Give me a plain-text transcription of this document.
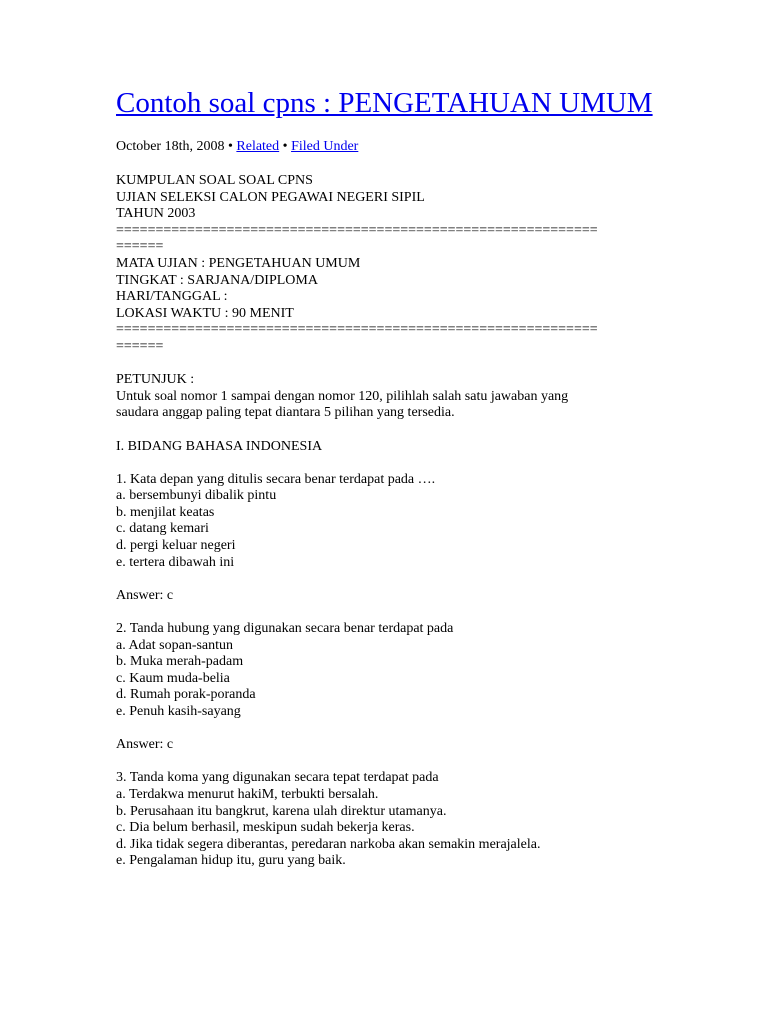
Contoh soal cpns : PENGETAHUAN UMUM
October 18th, 2008 • Related • Filed Under
KUMPULAN SOAL SOAL CPNS
UJIAN SELEKSI CALON PEGAWAI NEGERI SIPIL
TAHUN 2003
=============================================================
======
MATA UJIAN : PENGETAHUAN UMUM
TINGKAT : SARJANA/DIPLOMA
HARI/TANGGAL :
LOKASI WAKTU : 90 MENIT
=============================================================
======
PETUNJUK :
Untuk soal nomor 1 sampai dengan nomor 120, pilihlah salah satu jawaban yang
saudara anggap paling tepat diantara 5 pilihan yang tersedia.
I. BIDANG BAHASA INDONESIA
1. Kata depan yang ditulis secara benar terdapat pada ….
a. bersembunyi dibalik pintu
b. menjilat keatas
c. datang kemari
d. pergi keluar negeri
e. tertera dibawah ini
Answer: c
2. Tanda hubung yang digunakan secara benar terdapat pada
a. Adat sopan-santun
b. Muka merah-padam
c. Kaum muda-belia
d. Rumah porak-poranda
e. Penuh kasih-sayang
Answer: c
3. Tanda koma yang digunakan secara tepat terdapat pada
a. Terdakwa menurut hakiM, terbukti bersalah.
b. Perusahaan itu bangkrut, karena ulah direktur utamanya.
c. Dia belum berhasil, meskipun sudah bekerja keras.
d. Jika tidak segera diberantas, peredaran narkoba akan semakin merajalela.
e. Pengalaman hidup itu, guru yang baik.
